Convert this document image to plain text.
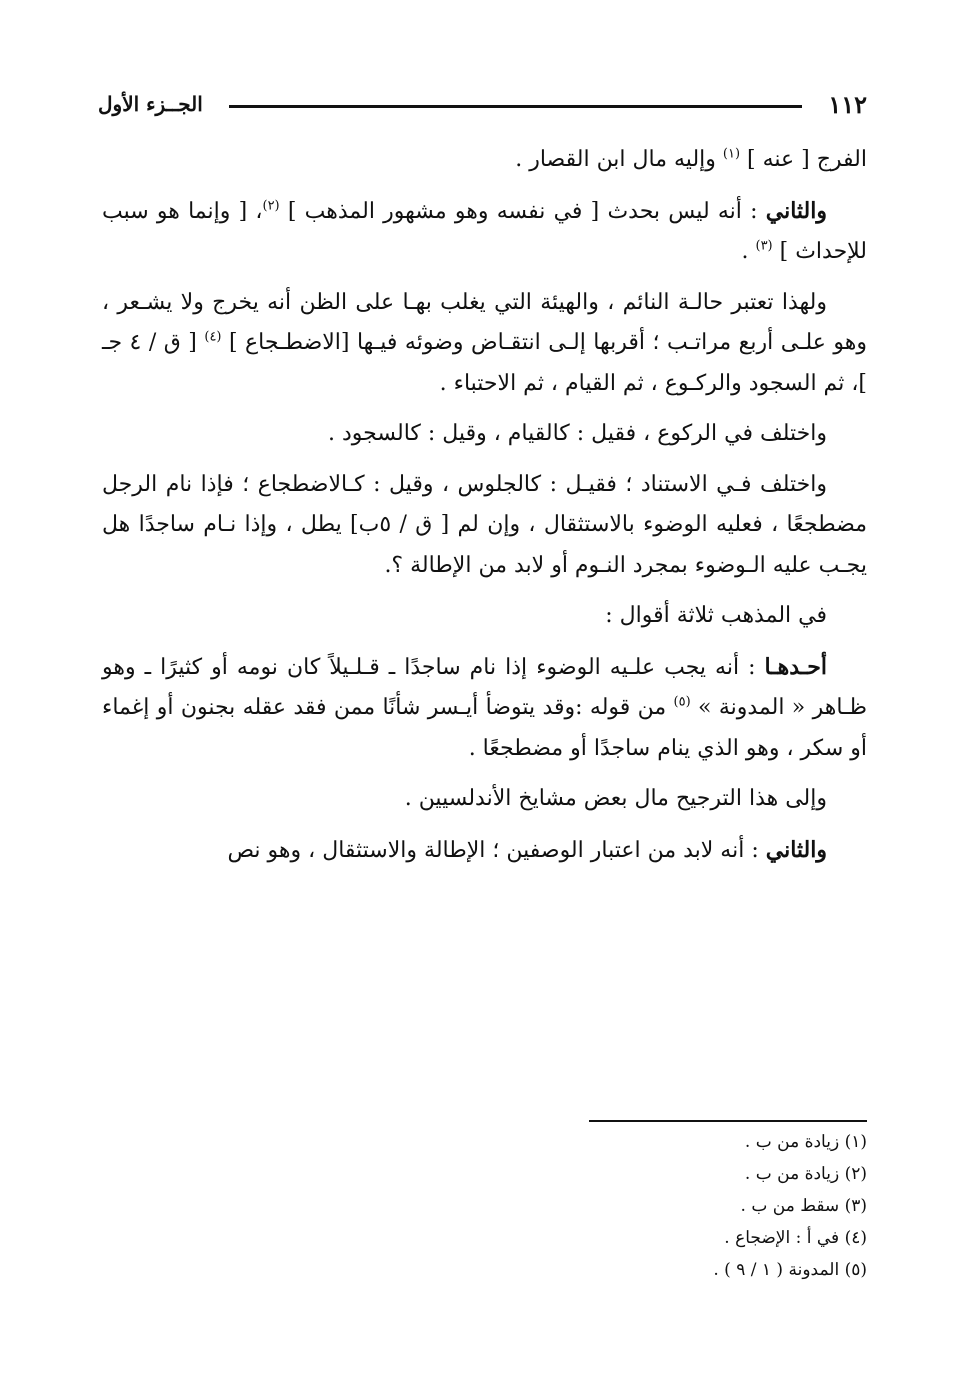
١١٢
الجــزء الأول

الفرج [ عنه ] $^{(١)}$ وإليه مال ابن القصار .

والثاني : أنه ليس بحدث [ في نفسه وهو مشهور المذهب ] $^{(٢)}$، [ وإنما هو سبب للإحداث ] $^{(٣)}$ .

ولهذا تعتبر حالـة النائم ، والهيئة التي يغلب بهـا على الظن أنه يخرج ولا يشـعر ، وهو علـى أربع مراتـب ؛ أقربها إلـى انتقـاض وضوئه فيـها [الاضطـجاع ] $^{(٤)}$ [ ق / ٤ جـ ]، ثم السجود والركـوع ، ثم القيام ، ثم الاحتباء .

واختلف في الركوع ، فقيل : كالقيام ، وقيل : كالسجود .

واختلف فـي الاستناد ؛ فقيـل : كالجلوس ، وقيل : كـالاضطجاع ؛ فإذا نام الرجل مضطجعًا ، فعليه الوضوء بالاستثقال ، وإن لم [ ق / ٥ب] يطل ، وإذا نـام ساجدًا هل يجـب عليه الـوضوء بمجرد النـوم أو لابد من الإطالة ؟.

في المذهب ثلاثة أقوال :

أحـدهـا : أنه يجب علـيه الوضوء إذا نام ساجدًا ـ قـلـيلاً كان نومه أو كثيرًا ـ وهو ظـاهر « المدونة » $^{(٥)}$ من قوله :وقد يتوضأ أيـسر شأنًا ممن فقد عقله بجنون أو إغماء أو سكر ، وهو الذي ينام ساجدًا أو مضطجعًا .

وإلى هذا الترجيح مال بعض مشايخ الأندلسيين .

والثاني : أنه لابد من اعتبار الوصفين ؛ الإطالة والاستثقال ، وهو نص

(١) زيادة من ب .
(٢) زيادة من ب .
(٣) سقط من ب .
(٤) في أ : الإضجاع .
(٥) المدونة ( ١ / ٩ ) .
